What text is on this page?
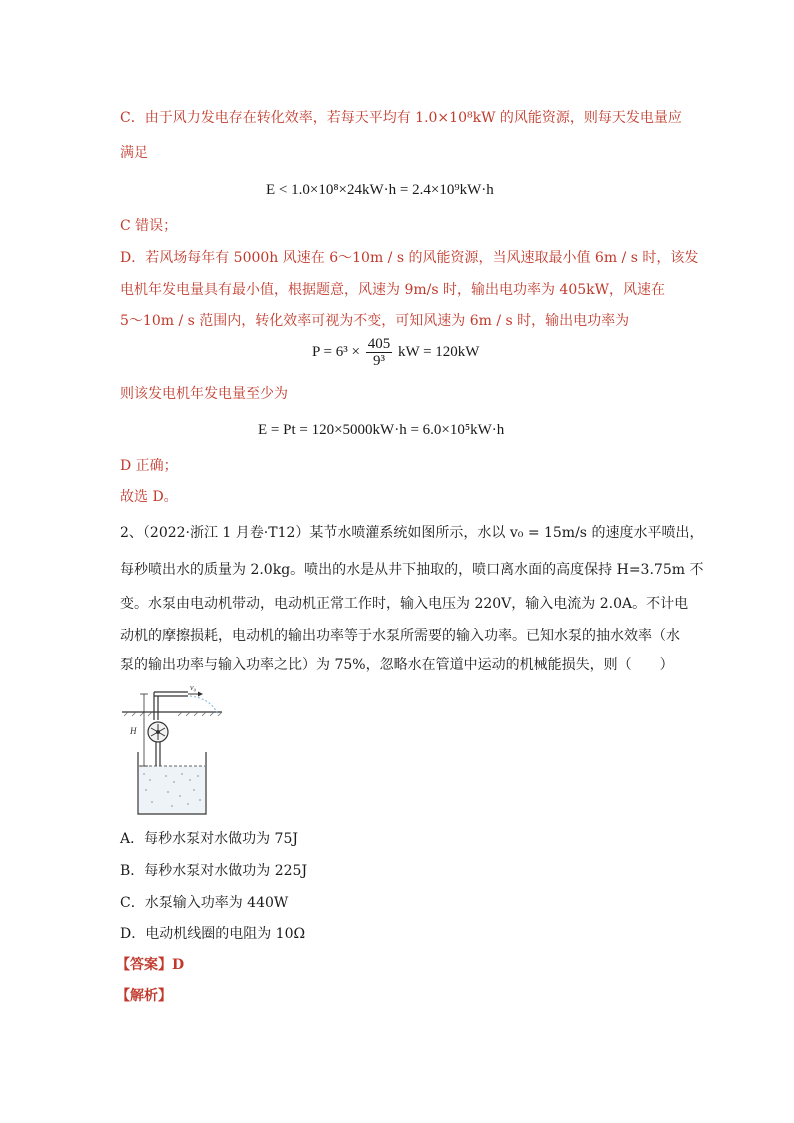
C．由于风力发电存在转化效率，若每天平均有 1.0×10⁸kW 的风能资源，则每天发电量应
满足
E < 1.0×10⁸×24kW·h = 2.4×10⁹kW·h
C 错误；
D．若风场每年有 5000h 风速在 6～10m / s 的风能资源，当风速取最小值 6m / s 时，该发
电机年发电量具有最小值，根据题意，风速为 9m/s 时，输出电功率为 405kW，风速在
5～10m / s 范围内，转化效率可视为不变，可知风速为 6m / s 时，输出电功率为
$P = 6^3 \times \frac{405}{\text{9³}}$ kW = 120kW
则该发电机年发电量至少为
E = Pt = 120×5000kW·h = 6.0×10⁵kW·h
D 正确；
故选 D。
2、（2022·浙江 1 月卷·T12）某节水喷灌系统如图所示，水以 v₀ = 15m/s 的速度水平喷出，
每秒喷出水的质量为 2.0kg。喷出的水是从井下抽取的，喷口离水面的高度保持 H=3.75m 不
变。水泵由电动机带动，电动机正常工作时，输入电压为 220V，输入电流为 2.0A。不计电
动机的摩擦损耗，电动机的输出功率等于水泵所需要的输入功率。已知水泵的抽水效率（水
泵的输出功率与输入功率之比）为 75%，忽略水在管道中运动的机械能损失，则（　　）
v₀
H
A．每秒水泵对水做功为 75J
B．每秒水泵对水做功为 225J
C．水泵输入功率为 440W
D．电动机线圈的电阻为 10Ω
【答案】D
【解析】
